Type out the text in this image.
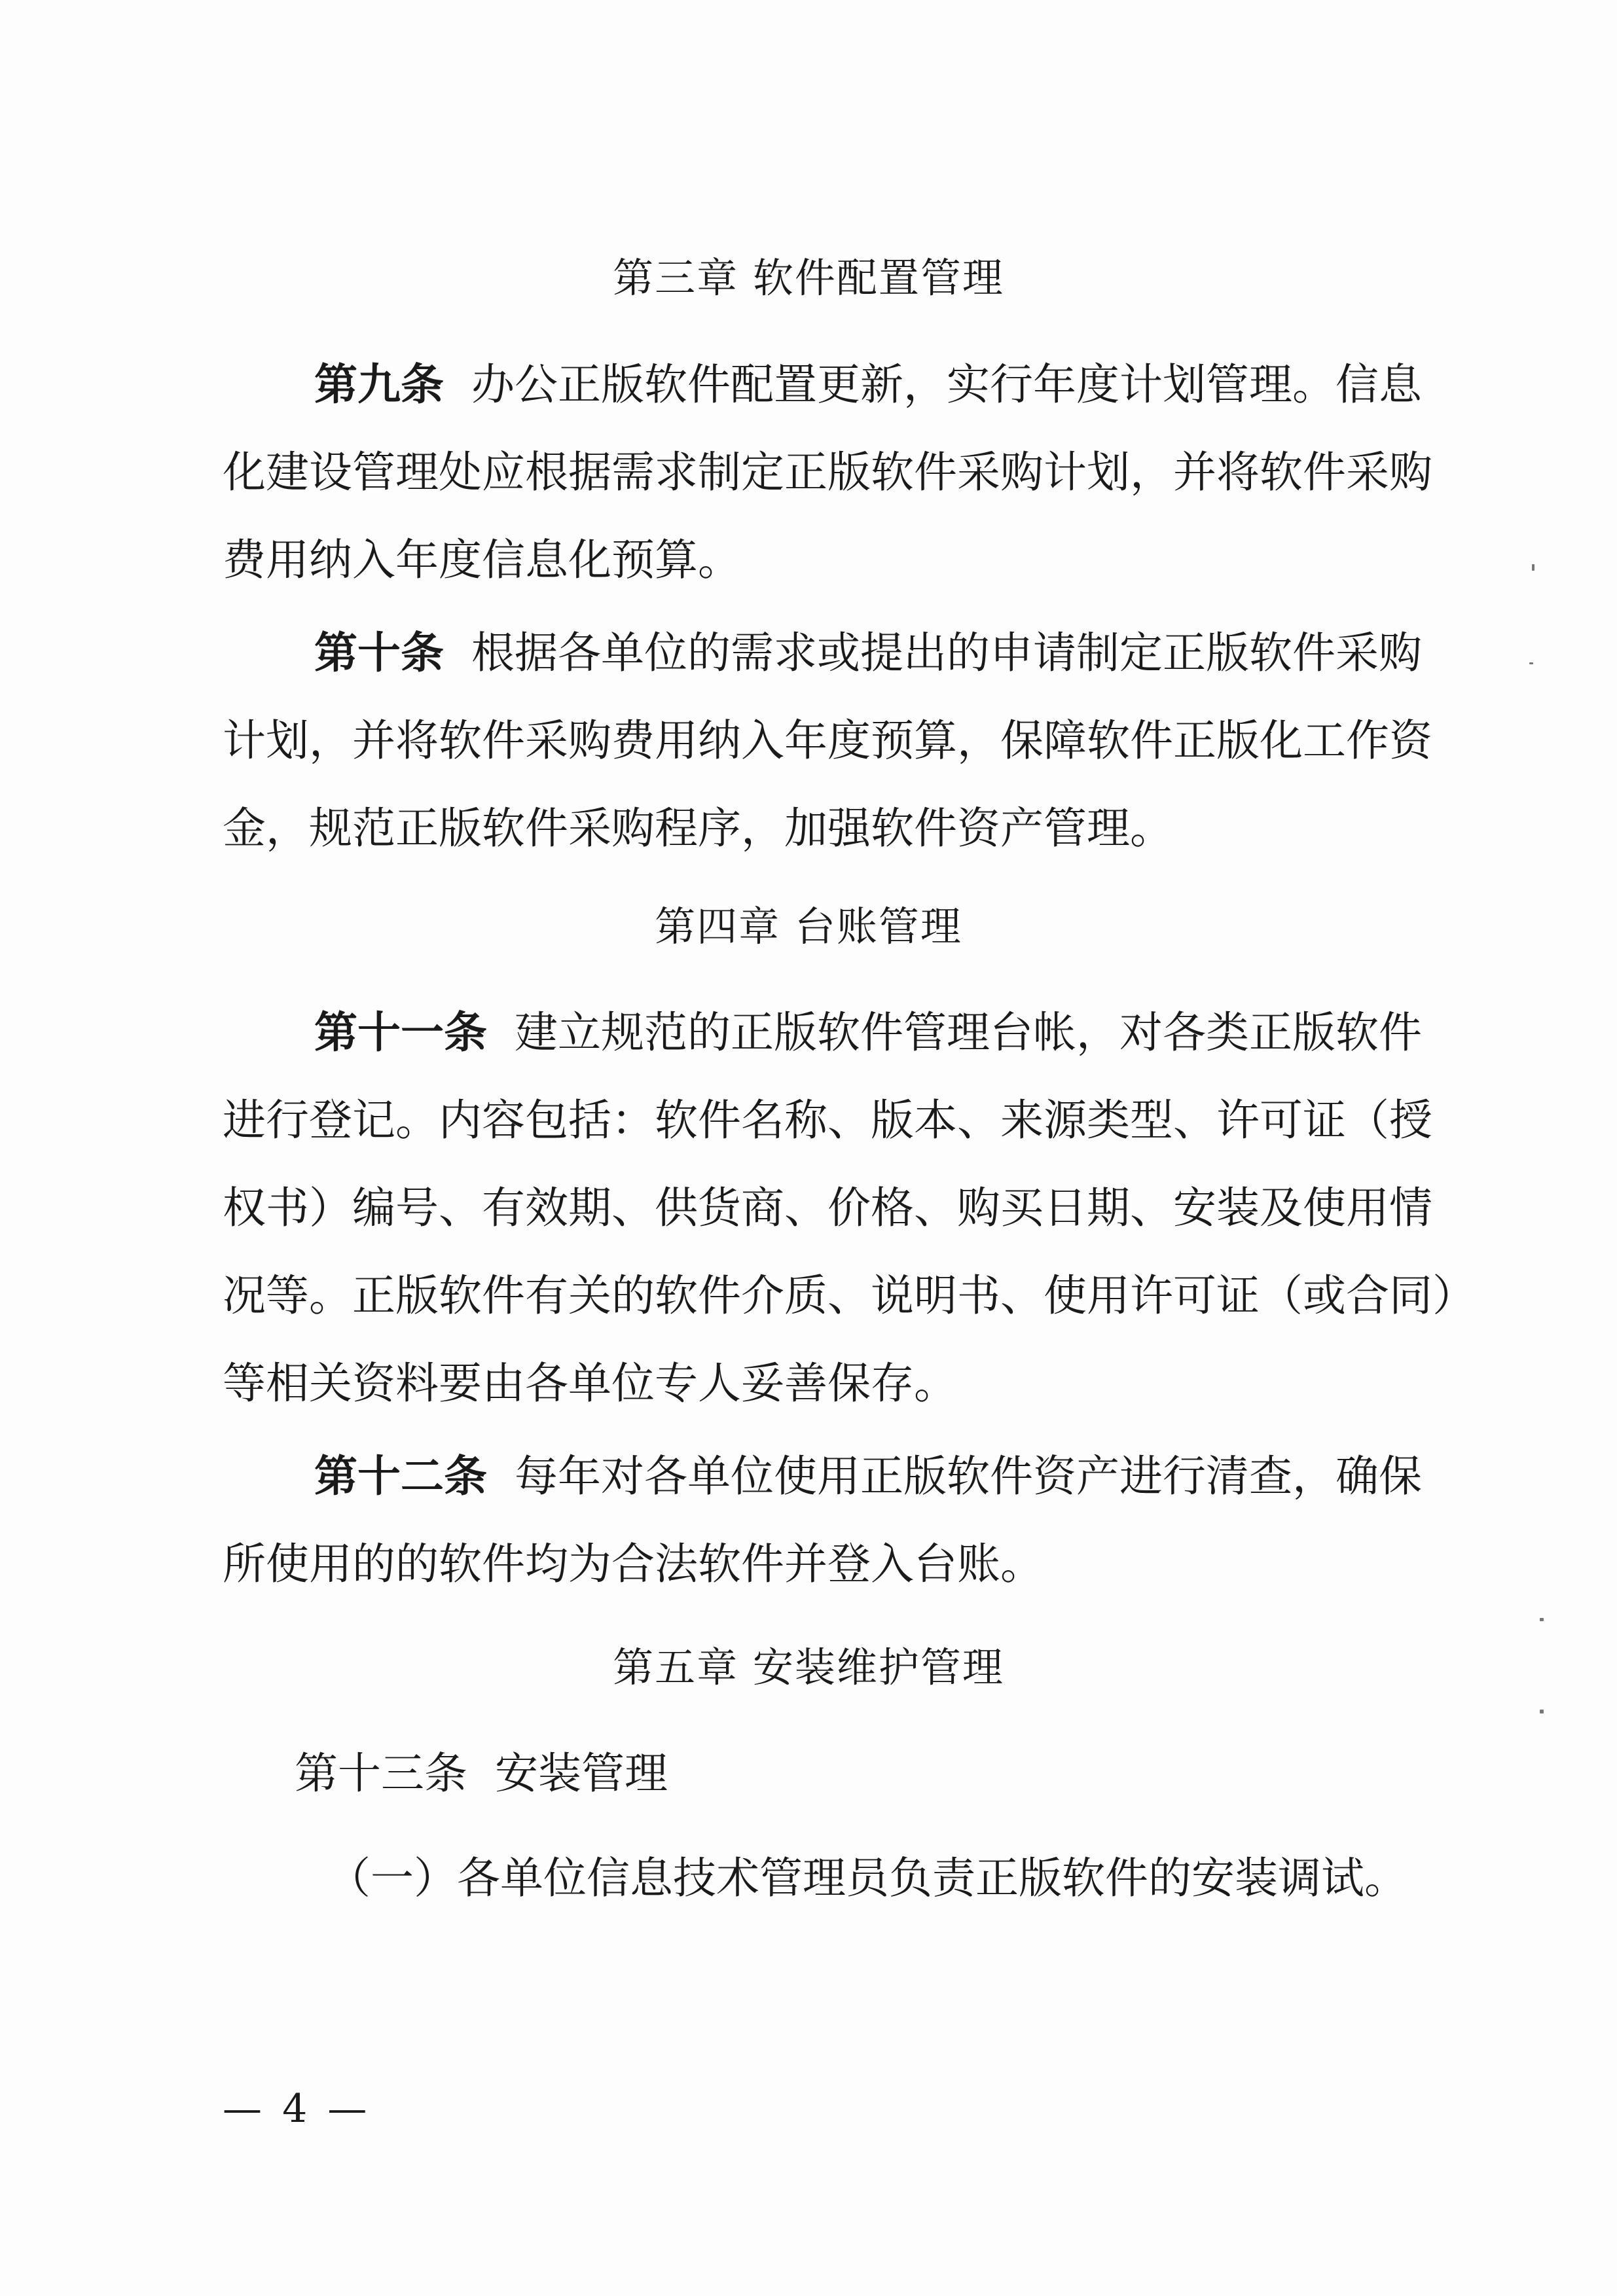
第三章 软件配置管理
第九条 办公正版软件配置更新，实行年度计划管理。信息
化建设管理处应根据需求制定正版软件采购计划，并将软件采购
费用纳入年度信息化预算。
第十条 根据各单位的需求或提出的申请制定正版软件采购
计划，并将软件采购费用纳入年度预算，保障软件正版化工作资
金，规范正版软件采购程序，加强软件资产管理。
第四章 台账管理
第十一条 建立规范的正版软件管理台帐，对各类正版软件
进行登记。内容包括：软件名称、版本、来源类型、许可证（授
权书）编号、有效期、供货商、价格、购买日期、安装及使用情
况等。正版软件有关的软件介质、说明书、使用许可证（或合同）
等相关资料要由各单位专人妥善保存。
第十二条 每年对各单位使用正版软件资产进行清查，确保
所使用的的软件均为合法软件并登入台账。
第五章 安装维护管理
第十三条 安装管理
（一）各单位信息技术管理员负责正版软件的安装调试。
— 4 —
